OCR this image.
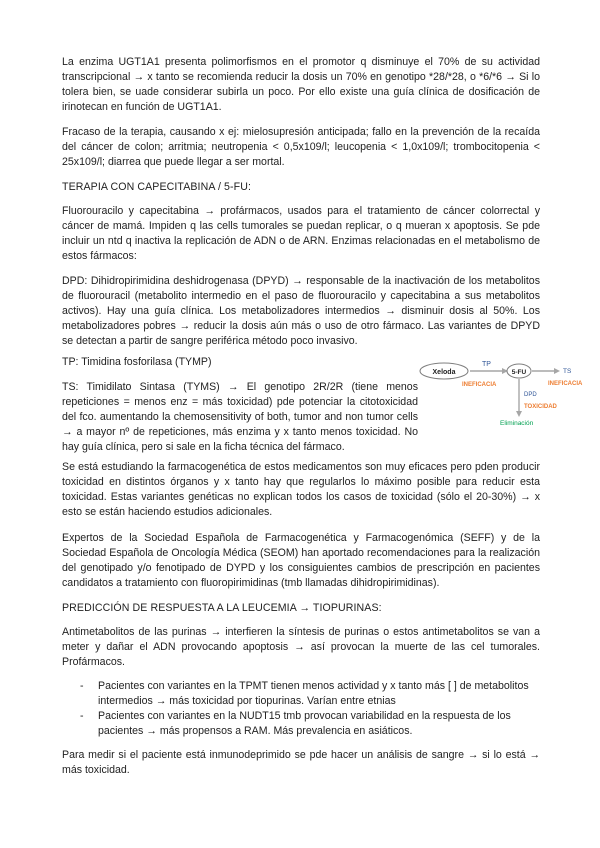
La enzima UGT1A1 presenta polimorfismos en el promotor q disminuye el 70% de su actividad transcripcional → x tanto se recomienda reducir la dosis un 70% en genotipo *28/*28, o *6/*6 → Si lo tolera bien, se uade considerar subirla un poco. Por ello existe una guía clínica de dosificación de irinotecan en función de UGT1A1.

Fracaso de la terapia, causando x ej: mielosupresión anticipada; fallo en la prevención de la recaída del cáncer de colon; arritmia; neutropenia < 0,5x109/l; leucopenia < 1,0x109/l; trombocitopenia < 25x109/l; diarrea que puede llegar a ser mortal.

TERAPIA CON CAPECITABINA / 5-FU:

Fluorouracilo y capecitabina → profármacos, usados para el tratamiento de cáncer colorrectal y cáncer de mamá. Impiden q las cells tumorales se puedan replicar, o q mueran x apoptosis. Se pde incluir un ntd q inactiva la replicación de ADN o de ARN. Enzimas relacionadas en el metabolismo de estos fármacos:

DPD: Dihidropirimidina deshidrogenasa (DPYD) → responsable de la inactivación de los metabolitos de fluorouracil (metabolito intermedio en el paso de fluorouracilo y capecitabina a sus metabolitos activos). Hay una guía clínica. Los metabolizadores intermedios → disminuir dosis al 50%. Los metabolizadores pobres → reducir la dosis aún más o uso de otro fármaco. Las variantes de DPYD se detectan a partir de sangre periférica método poco invasivo.

TP: Timidina fosforilasa (TYMP)

TS: Timidilato Sintasa (TYMS) → El genotipo 2R/2R (tiene menos repeticiones = menos enz = más toxicidad) pde potenciar la citotoxicidad del fco. aumentando la chemosensitivity of both, tumor and non tumor cells → a mayor nº de repeticiones, más enzima y x tanto menos toxicidad. No hay guía clínica, pero si sale en la ficha técnica del fármaco.

Xeloda
TP
INEFICACIA
5-FU	TS
INEFICACIA
DPD
TOXICIDAD
Eliminación

Se está estudiando la farmacogenética de estos medicamentos son muy eficaces pero pden producir toxicidad en distintos órganos y x tanto hay que regularlos lo máximo posible para reducir esta toxicidad. Estas variantes genéticas no explican todos los casos de toxicidad (sólo el 20-30%) → x esto se están haciendo estudios adicionales.

Expertos de la Sociedad Española de Farmacogenética y Farmacogenómica (SEFF) y de la Sociedad Española de Oncología Médica (SEOM) han aportado recomendaciones para la realización del genotipado y/o fenotipado de DYPD y los consiguientes cambios de prescripción en pacientes candidatos a tratamiento con fluoropirimidinas (tmb llamadas dihidropirimidinas).

PREDICCIÓN DE RESPUESTA A LA LEUCEMIA → TIOPURINAS:

Antimetabolitos de las purinas → interfieren la síntesis de purinas o estos antimetabolitos se van a meter y dañar el ADN provocando apoptosis → así provocan la muerte de las cel tumorales. Profármacos.

- Pacientes con variantes en la TPMT tienen menos actividad y x tanto más [ ] de metabolitos intermedios → más toxicidad por tiopurinas. Varían entre etnias
- Pacientes con variantes en la NUDT15 tmb provocan variabilidad en la respuesta de los pacientes → más propensos a RAM. Más prevalencia en asiáticos.

Para medir si el paciente está inmunodeprimido se pde hacer un análisis de sangre → si lo está → más toxicidad.
